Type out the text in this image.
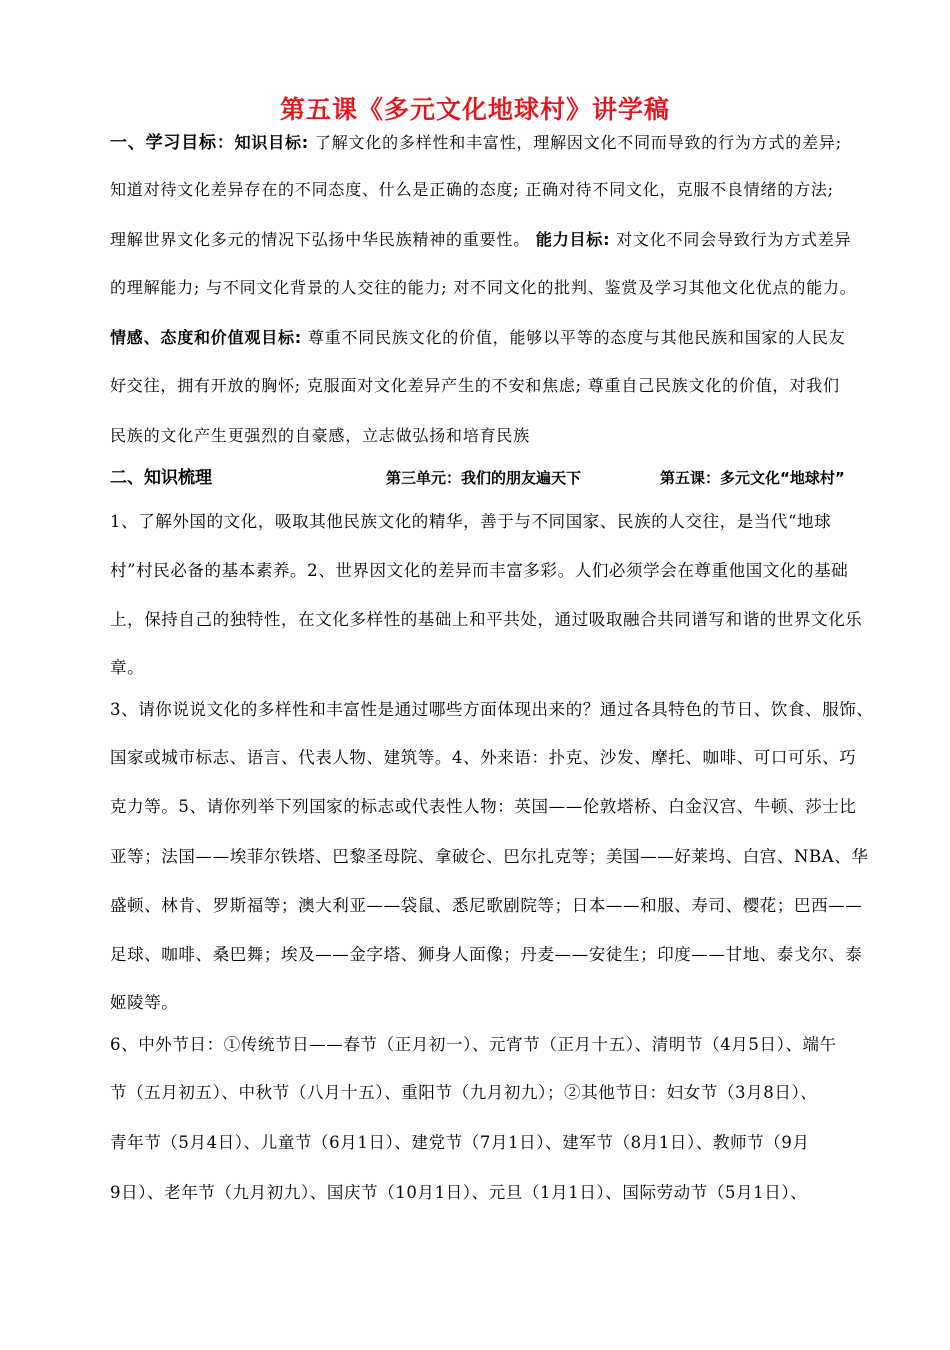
第五课《多元文化地球村》讲学稿
一、学习目标：知识目标: 了解文化的多样性和丰富性，理解因文化不同而导致的行为方式的差异;
知道对待文化差异存在的不同态度、什么是正确的态度; 正确对待不同文化，克服不良情绪的方法;
理解世界文化多元的情况下弘扬中华民族精神的重要性。 能力目标: 对文化不同会导致行为方式差异
的理解能力; 与不同文化背景的人交往的能力; 对不同文化的批判、鉴赏及学习其他文化优点的能力。
情感、态度和价值观目标: 尊重不同民族文化的价值，能够以平等的态度与其他民族和国家的人民友
好交往，拥有开放的胸怀; 克服面对文化差异产生的不安和焦虑; 尊重自己民族文化的价值，对我们
民族的文化产生更强烈的自豪感，立志做弘扬和培育民族
二、知识梳理	第三单元：我们的朋友遍天下	第五课：多元文化“地球村”
1、了解外国的文化，吸取其他民族文化的精华，善于与不同国家、民族的人交往，是当代“地球
村”村民必备的基本素养。2、世界因文化的差异而丰富多彩。人们必须学会在尊重他国文化的基础
上，保持自己的独特性，在文化多样性的基础上和平共处，通过吸取融合共同谱写和谐的世界文化乐
章。
3、请你说说文化的多样性和丰富性是通过哪些方面体现出来的？通过各具特色的节日、饮食、服饰、
国家或城市标志、语言、代表人物、建筑等。4、外来语：扑克、沙发、摩托、咖啡、可口可乐、巧
克力等。5、请你列举下列国家的标志或代表性人物：英国——伦敦塔桥、白金汉宫、牛顿、莎士比
亚等；法国——埃菲尔铁塔、巴黎圣母院、拿破仑、巴尔扎克等；美国——好莱坞、白宫、NBA、华
盛顿、林肯、罗斯福等；澳大利亚——袋鼠、悉尼歌剧院等；日本——和服、寿司、樱花；巴西——
足球、咖啡、桑巴舞；埃及——金字塔、狮身人面像；丹麦——安徒生；印度——甘地、泰戈尔、泰
姬陵等。
6、中外节日：①传统节日——春节（正月初一）、元宵节（正月十五）、清明节（4月5日）、端午
节（五月初五）、中秋节（八月十五）、重阳节（九月初九）；②其他节日：妇女节（3月8日）、
青年节（5月4日）、儿童节（6月1日）、建党节（7月1日）、建军节（8月1日）、教师节（9月
9日）、老年节（九月初九）、国庆节（10月1日）、元旦（1月1日）、国际劳动节（5月1日）、
